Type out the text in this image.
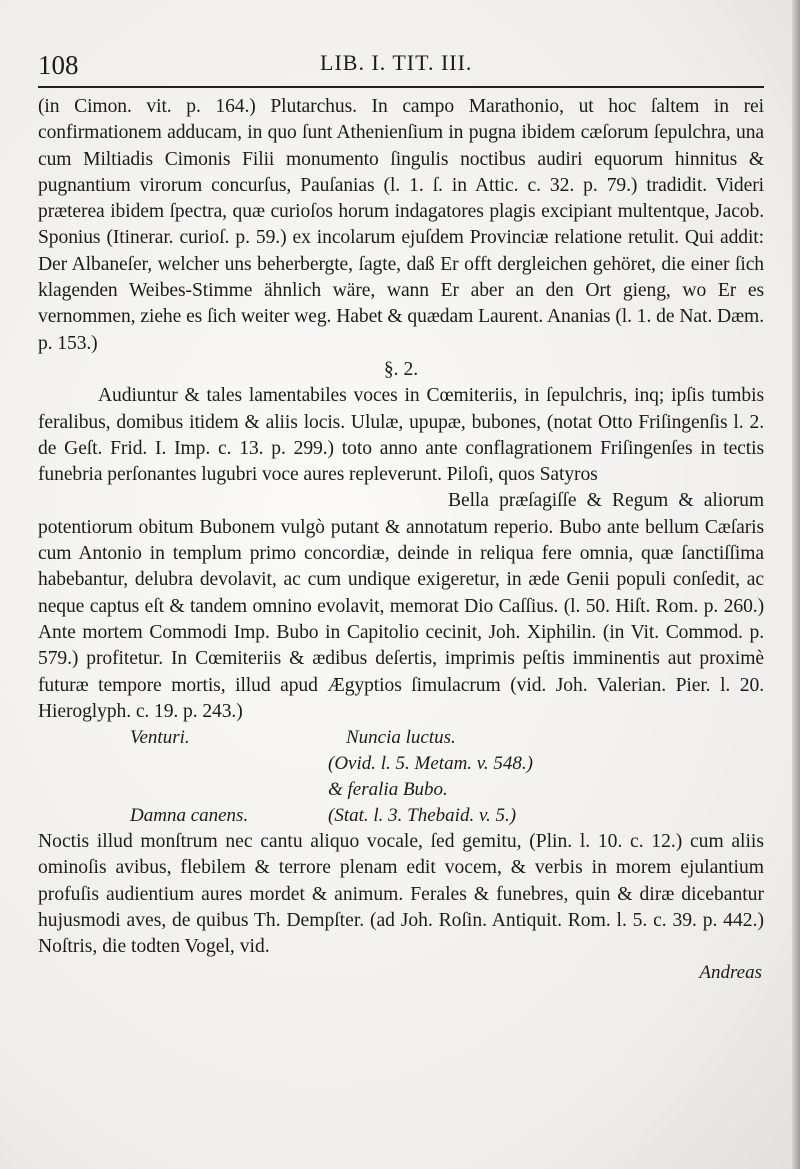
108	LIB. I. TIT. III.

(in Cimon. vit. p. 164.) Plutarchus. In campo Marathonio, ut hoc ſaltem in rei confirmationem adducam, in quo ſunt Athenienſium in pugna ibidem cæſorum ſepulchra, una cum Miltiadis Cimonis Filii monumento ſingulis noctibus audiri equorum hinnitus & pugnantium virorum concurſus, Pauſanias (l. 1. ſ. in Attic. c. 32. p. 79.) tradidit. Videri præterea ibidem ſpectra, quæ curioſos horum indagatores plagis excipiant multentque, Jacob. Sponius (Itinerar. curioſ. p. 59.) ex incolarum ejuſdem Provinciæ relatione retulit. Qui addit: Der Albaneſer, welcher uns beherbergte, ſagte, daß Er offt dergleichen gehöret, die einer ſich klagenden Weibes-Stimme ähnlich wäre, wann Er aber an den Ort gieng, wo Er es vernommen, ziehe es ſich weiter weg. Habet & quædam Laurent. Ananias (l. 1. de Nat. Dæm. p. 153.)

§. 2.

Audiuntur & tales lamentabiles voces in Cœmiteriis, in ſepulchris, inq; ipſis tumbis feralibus, domibus itidem & aliis locis. Ululæ, upupæ, bubones, (notat Otto Friſingenſis l. 2. de Geſt. Frid. I. Imp. c. 13. p. 299.) toto anno ante conflagrationem Friſingenſes in tectis funebria perſonantes lugubri voce aures repleverunt. Piloſi, quos Satyros

Bella præſagiſſe & Regum & aliorum potentiorum obitum Bubonem vulgò putant & annotatum reperio. Bubo ante bellum Cæſaris cum Antonio in templum primo concordiæ, deinde in reliqua fere omnia, quæ ſanctiſſima habebantur, delubra devolavit, ac cum undique exigeretur, in æde Genii populi conſedit, ac neque captus eſt & tandem omnino evolavit, memorat Dio Caſſius. (l. 50. Hiſt. Rom. p. 260.) Ante mortem Commodi Imp. Bubo in Capitolio cecinit, Joh. Xiphilin. (in Vit. Commod. p. 579.) profitetur. In Cœmiteriis & ædibus deſertis, imprimis peſtis imminentis aut proximè futuræ tempore mortis, illud apud Ægyptios ſimulacrum (vid. Joh. Valerian. Pier. l. 20. Hieroglyph. c. 19. p. 243.)

Venturi.	Nuncia luctus.
(Ovid. l. 5. Metam. v. 548.)
& feralia Bubo.
Damna canens.	(Stat. l. 3. Thebaid. v. 5.)

Noctis illud monſtrum nec cantu aliquo vocale, ſed gemitu, (Plin. l. 10. c. 12.) cum aliis ominoſis avibus, flebilem & terrore plenam edit vocem, & verbis in morem ejulantium profuſis audientium aures mordet & animum. Ferales & funebres, quin & diræ dicebantur hujusmodi aves, de quibus Th. Dempſter. (ad Joh. Roſin. Antiquit. Rom. l. 5. c. 39. p. 442.) Noſtris, die todten Vogel, vid.

Andreas
